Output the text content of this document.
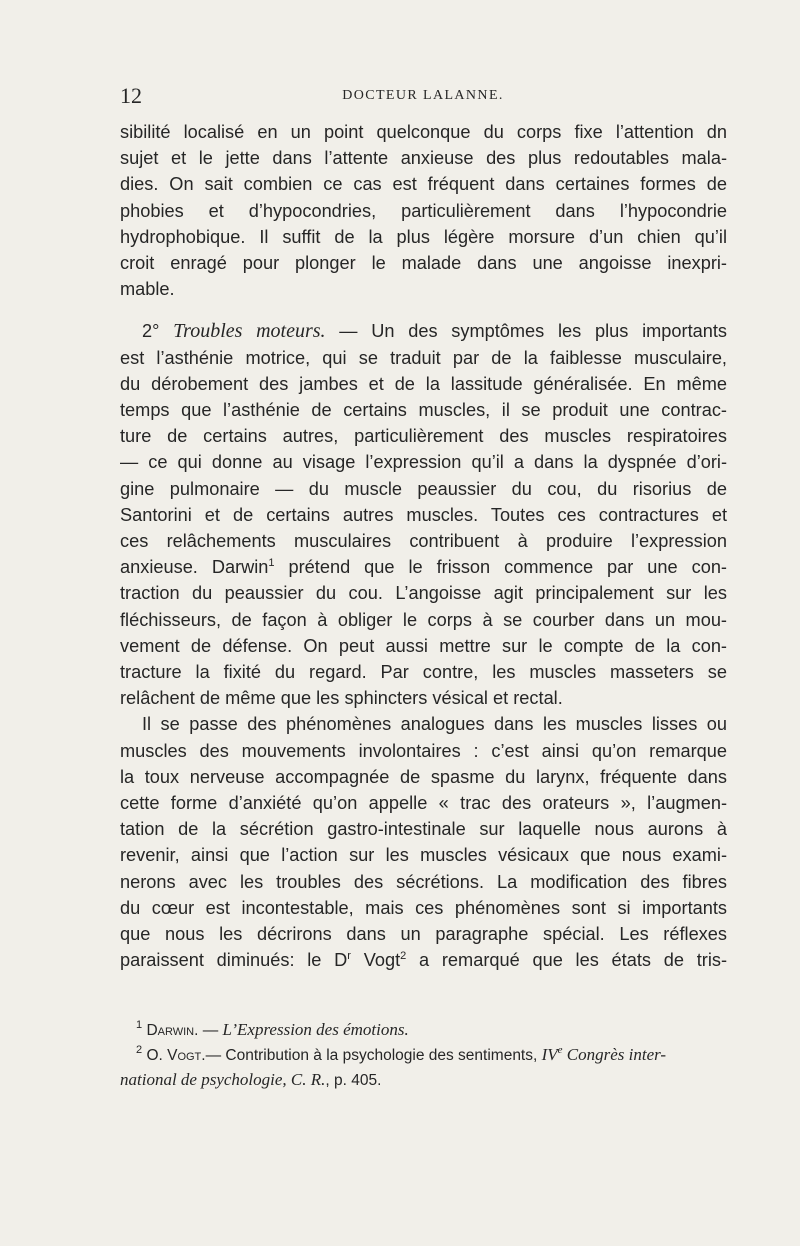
12	DOCTEUR LALANNE.

sibilité localisé en un point quelconque du corps fixe l’attention dn
sujet et le jette dans l’attente anxieuse des plus redoutables mala-
dies. On sait combien ce cas est fréquent dans certaines formes de
phobies et d’hypocondries, particulièrement dans l’hypocondrie
hydrophobique. Il suffit de la plus légère morsure d’un chien qu’il
croit enragé pour plonger le malade dans une angoisse inexpri-
mable.

2° Troubles moteurs. — Un des symptômes les plus importants
est l’asthénie motrice, qui se traduit par de la faiblesse musculaire,
du dérobement des jambes et de la lassitude généralisée. En même
temps que l’asthénie de certains muscles, il se produit une contrac-
ture de certains autres, particulièrement des muscles respiratoires
— ce qui donne au visage l’expression qu’il a dans la dyspnée d’ori-
gine pulmonaire — du muscle peaussier du cou, du risorius de
Santorini et de certains autres muscles. Toutes ces contractures et
ces relâchements musculaires contribuent à produire l’expression
anxieuse. Darwin$^1$ prétend que le frisson commence par une con-
traction du peaussier du cou. L’angoisse agit principalement sur les
fléchisseurs, de façon à obliger le corps à se courber dans un mou-
vement de défense. On peut aussi mettre sur le compte de la con-
tracture la fixité du regard. Par contre, les muscles masseters se
relâchent de même que les sphincters vésical et rectal.

Il se passe des phénomènes analogues dans les muscles lisses ou
muscles des mouvements involontaires : c’est ainsi qu’on remarque
la toux nerveuse accompagnée de spasme du larynx, fréquente dans
cette forme d’anxiété qu’on appelle « trac des orateurs », l’augmen-
tation de la sécrétion gastro-intestinale sur laquelle nous aurons à
revenir, ainsi que l’action sur les muscles vésicaux que nous exami-
nerons avec les troubles des sécrétions. La modification des fibres
du cœur est incontestable, mais ces phénomènes sont si importants
que nous les décrirons dans un paragraphe spécial. Les réflexes
paraissent diminués: le $D^r$ Vogt$^2$ a remarqué que les états de tris-

$^1$ Darwin. — L’Expression des émotions.
$^2$ O. Vogt.— Contribution à la psychologie des sentiments, IVe Congrès inter-
national de psychologie, C. R., p. 405.
